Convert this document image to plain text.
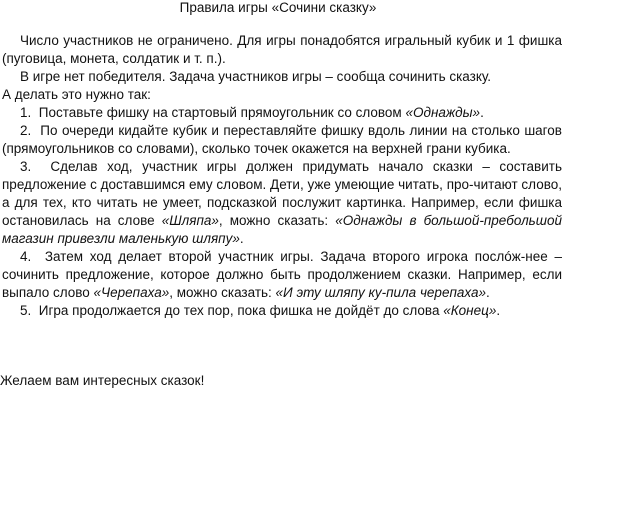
Правила игры «Сочини сказку»

Число участников не ограничено. Для игры понадобятся игральный кубик и 1 фишка (пуговица, монета, солдатик и т. п.).

В игре нет победителя. Задача участников игры – сообща сочинить сказку.

А делать это нужно так:

1. Поставьте фишку на стартовый прямоугольник со словом «Однажды».

2. По очереди кидайте кубик и переставляйте фишку вдоль линии на столько шагов (прямоугольников со словами), сколько точек окажется на верхней грани кубика.

3. Сделав ход, участник игры должен придумать начало сказки – составить предложение с доставшимся ему словом. Дети, уже умеющие читать, про-читают слово, а для тех, кто читать не умеет, подсказкой послужит картинка. Например, если фишка остановилась на слове «Шляпа», можно сказать: «Однажды в большой-пребольшой магазин привезли маленькую шляпу».

4. Затем ход делает второй участник игры. Задача второго игрока послóж-нее – сочинить предложение, которое должно быть продолжением сказки. Например, если выпало слово «Черепаха», можно сказать: «И эту шляпу ку-пила черепаха».

5. Игра продолжается до тех пор, пока фишка не дойдёт до слова «Конец».

Желаем вам интересных сказок!
